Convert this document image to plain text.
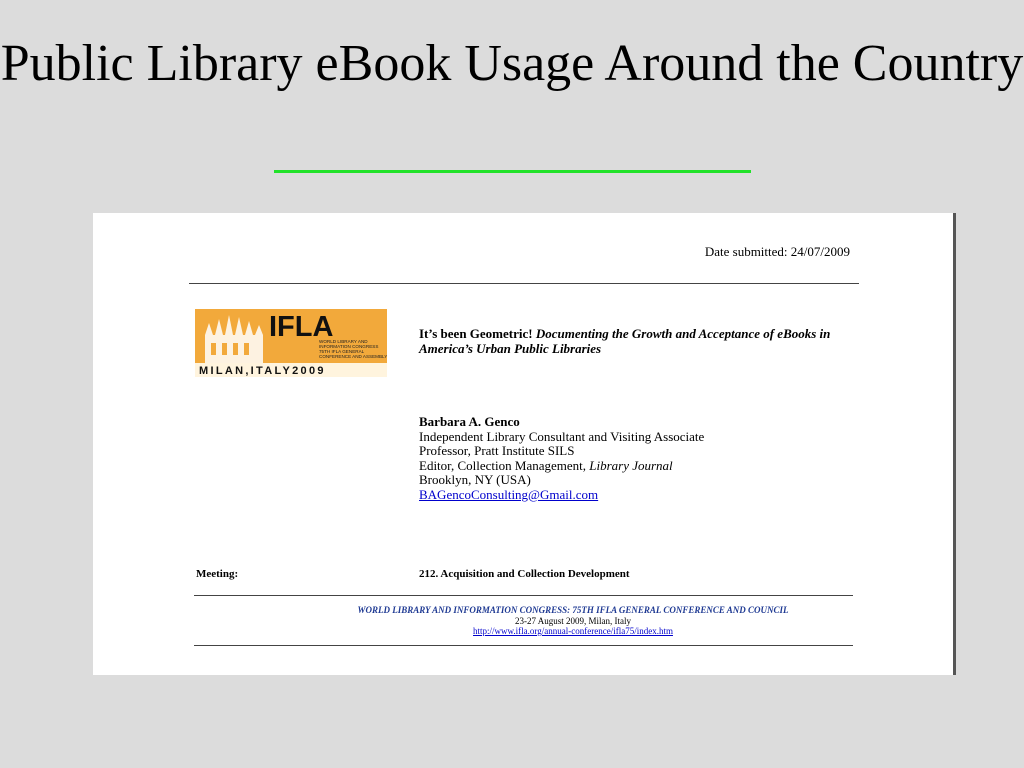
Public Library eBook Usage Around the Country
Date submitted: 24/07/2009
IFLA
WORLD LIBRARY AND
INFORMATION CONGRESS
75TH IFLA GENERAL
CONFERENCE AND ASSEMBLY
MILAN,ITALY2009
It’s been Geometric! Documenting the Growth and Acceptance of eBooks in America’s Urban Public Libraries
Barbara A. Genco
Independent Library Consultant and Visiting Associate
Professor, Pratt Institute SILS
Editor, Collection Management, Library Journal
Brooklyn, NY (USA)
BAGencoConsulting@Gmail.com
Meeting:	212. Acquisition and Collection Development
WORLD LIBRARY AND INFORMATION CONGRESS: 75TH IFLA GENERAL CONFERENCE AND COUNCIL
23-27 August 2009, Milan, Italy
http://www.ifla.org/annual-conference/ifla75/index.htm
